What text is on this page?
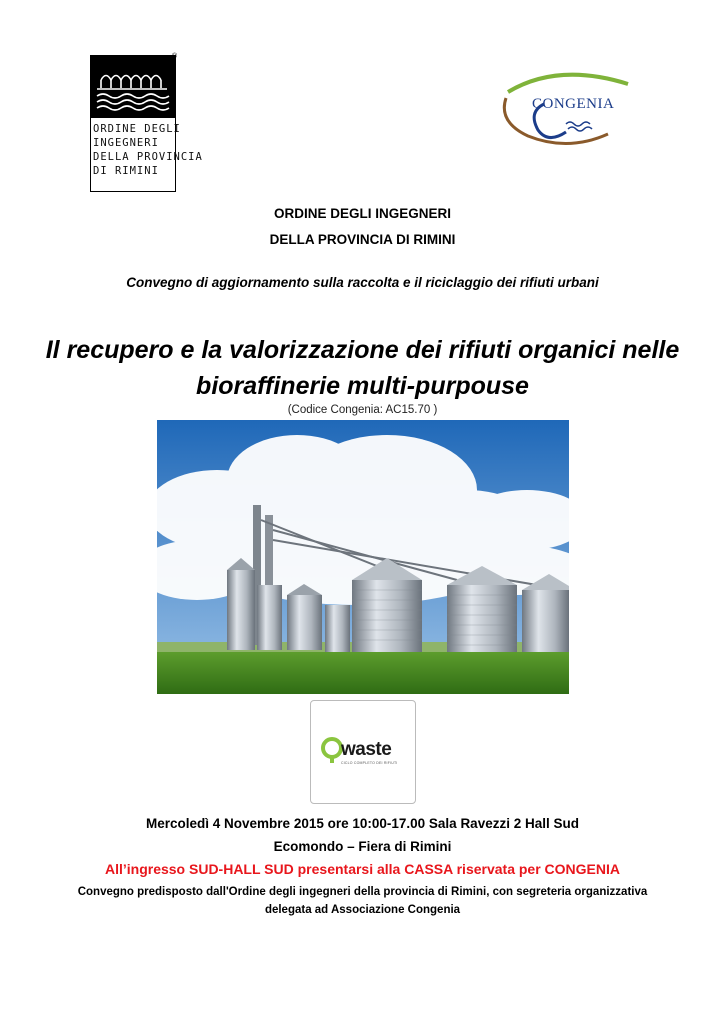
ORDINE DEGLI
INGEGNERI
DELLA PROVINCIA
DI RIMINI
®
CONGENIA
ORDINE DEGLI INGEGNERI
DELLA PROVINCIA DI RIMINI
Convegno di aggiornamento sulla raccolta e il riciclaggio dei rifiuti urbani
Il recupero e la valorizzazione dei rifiuti organici nelle
bioraffinerie multi-purpouse
(Codice Congenia: AC15.70 )
waste
CICLO COMPLETO DEI RIFIUTI
Mercoledì 4 Novembre 2015 ore 10:00-17.00 Sala Ravezzi 2 Hall Sud
Ecomondo – Fiera di Rimini
All’ingresso SUD-HALL SUD presentarsi alla CASSA riservata per CONGENIA
Convegno predisposto dall'Ordine degli ingegneri della provincia di Rimini, con segreteria organizzativa
delegata ad Associazione Congenia
